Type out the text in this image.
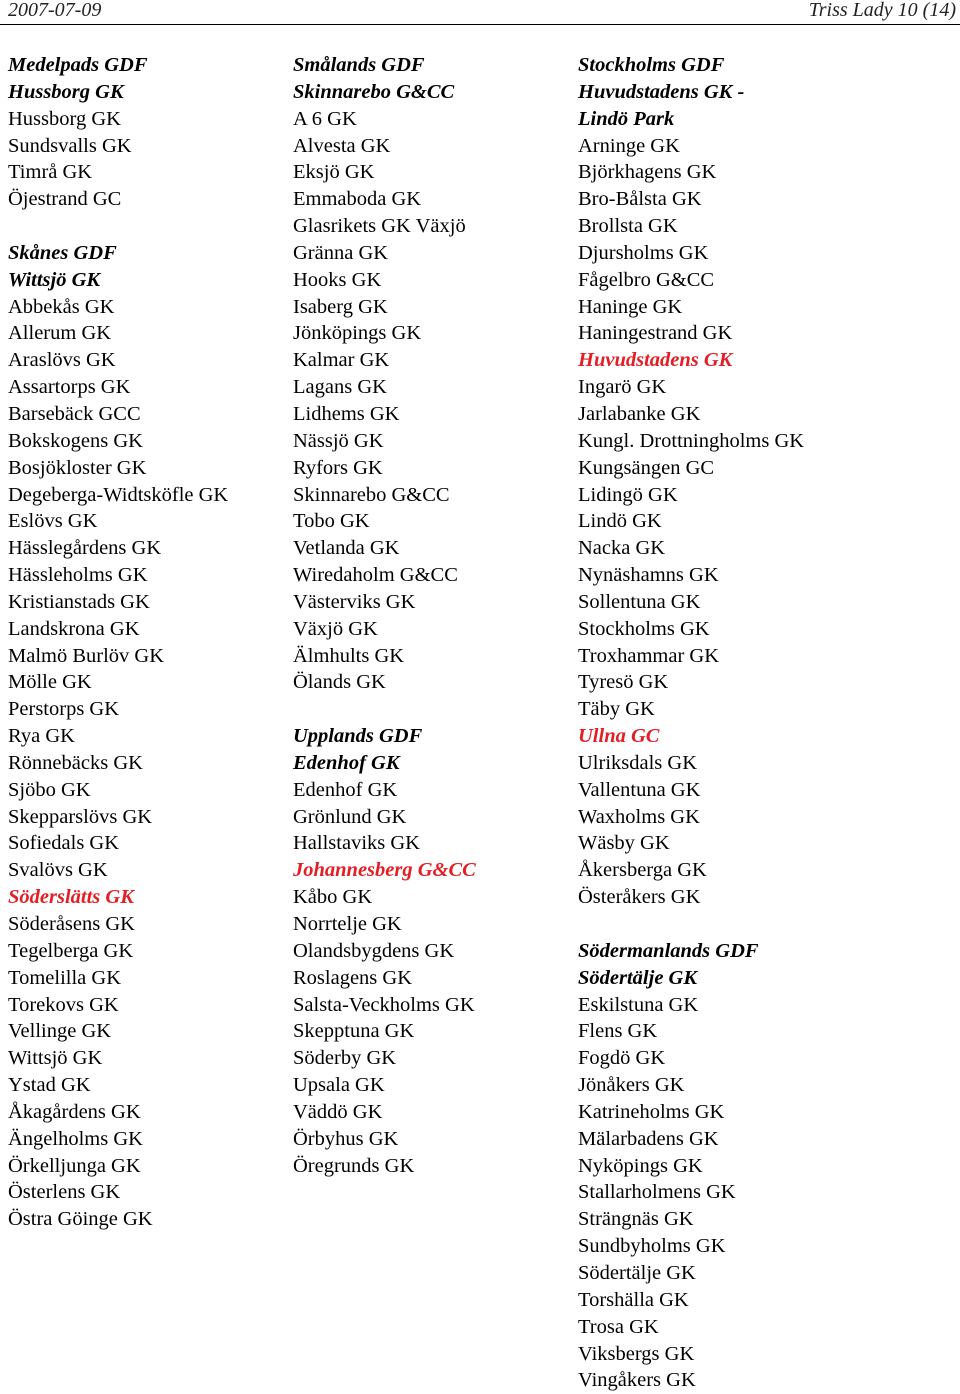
2007-07-09	Triss Lady 10 (14)
Medelpads GDF
Hussborg GK
Hussborg GK
Sundsvalls GK
Timrå GK
Öjestrand GC
Skånes GDF
Wittsjö GK
Abbekås GK
Allerum GK
Araslövs GK
Assartorps GK
Barsebäck GCC
Bokskogens GK
Bosjökloster GK
Degeberga-Widtsköfle GK
Eslövs GK
Hässlegårdens GK
Hässleholms GK
Kristianstads GK
Landskrona GK
Malmö Burlöv GK
Mölle GK
Perstorps GK
Rya GK
Rönnebäcks GK
Sjöbo GK
Skepparslövs GK
Sofiedals GK
Svalövs GK
Söderslätts GK
Söderåsens GK
Tegelberga GK
Tomelilla GK
Torekovs GK
Vellinge GK
Wittsjö GK
Ystad GK
Åkagårdens GK
Ängelholms GK
Örkelljunga GK
Österlens GK
Östra Göinge GK
Smålands GDF
Skinnarebo G&CC
A 6 GK
Alvesta GK
Eksjö GK
Emmaboda GK
Glasrikets GK Växjö
Gränna GK
Hooks GK
Isaberg GK
Jönköpings GK
Kalmar GK
Lagans GK
Lidhems GK
Nässjö GK
Ryfors GK
Skinnarebo G&CC
Tobo GK
Vetlanda GK
Wiredaholm G&CC
Västerviks GK
Växjö GK
Älmhults GK
Ölands GK
Upplands GDF
Edenhof GK
Edenhof GK
Grönlund GK
Hallstaviks GK
Johannesberg G&CC
Kåbo GK
Norrtelje GK
Olandsbygdens GK
Roslagens GK
Salsta-Veckholms GK
Skepptuna GK
Söderby GK
Upsala GK
Väddö GK
Örbyhus GK
Öregrunds GK
Stockholms GDF
Huvudstadens GK -
Lindö Park
Arninge GK
Björkhagens GK
Bro-Bålsta GK
Brollsta GK
Djursholms GK
Fågelbro G&CC
Haninge GK
Haningestrand GK
Huvudstadens GK
Ingarö GK
Jarlabanke GK
Kungl. Drottningholms GK
Kungsängen GC
Lidingö GK
Lindö GK
Nacka GK
Nynäshamns GK
Sollentuna GK
Stockholms GK
Troxhammar GK
Tyresö GK
Täby GK
Ullna GC
Ulriksdals GK
Vallentuna GK
Waxholms GK
Wäsby GK
Åkersberga GK
Österåkers GK
Södermanlands GDF
Södertälje GK
Eskilstuna GK
Flens GK
Fogdö GK
Jönåkers GK
Katrineholms GK
Mälarbadens GK
Nyköpings GK
Stallarholmens GK
Strängnäs GK
Sundbyholms GK
Södertälje GK
Torshälla GK
Trosa GK
Viksbergs GK
Vingåkers GK
